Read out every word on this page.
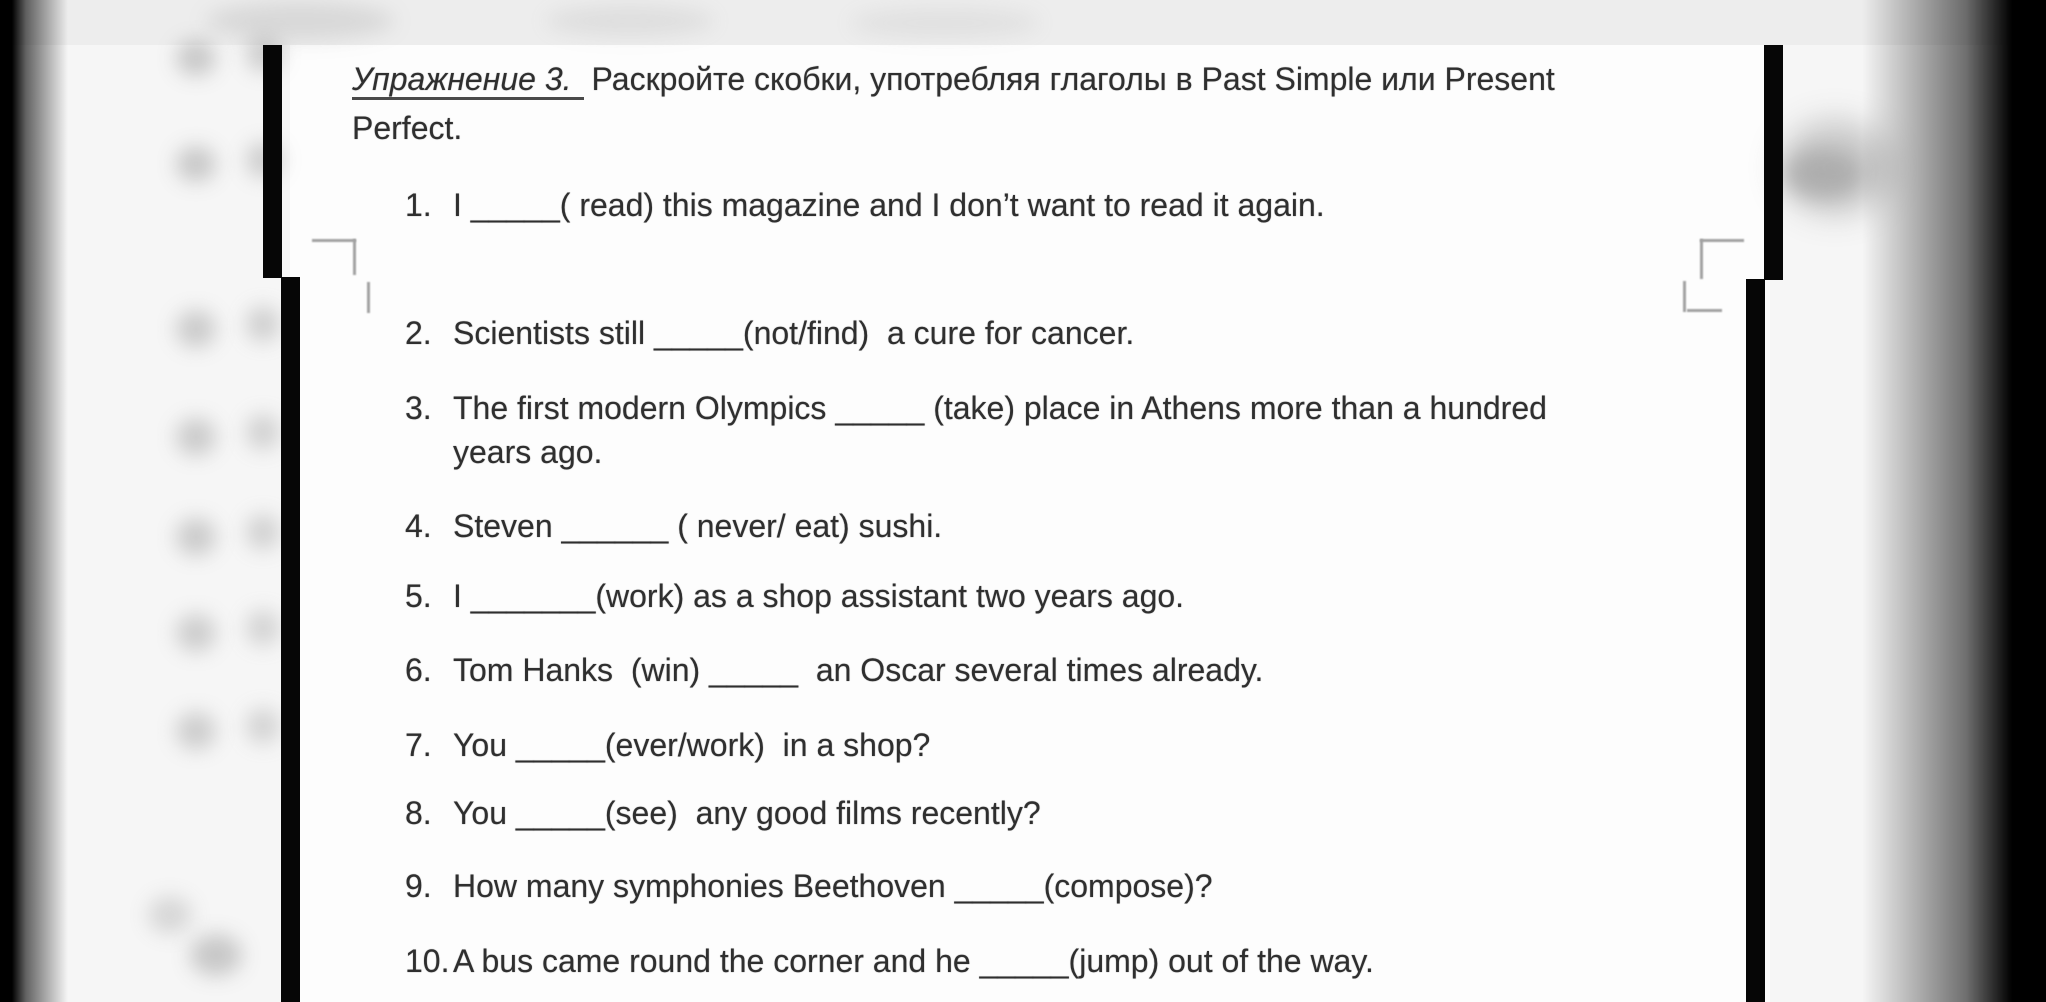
Упражнение 3. Раскройте скобки, употребляя глаголы в Past Simple или Present
Perfect.
1. I _____( read) this magazine and I don’t want to read it again.
2. Scientists still _____(not/find)  a cure for cancer.
3. The first modern Olympics _____ (take) place in Athens more than a hundred years ago.
4. Steven ______ ( never/ eat) sushi.
5. I _______(work) as a shop assistant two years ago.
6. Tom Hanks  (win) _____  an Oscar several times already.
7. You _____(ever/work)  in a shop?
8. You _____(see)  any good films recently?
9. How many symphonies Beethoven _____(compose)?
10. A bus came round the corner and he _____(jump) out of the way.
